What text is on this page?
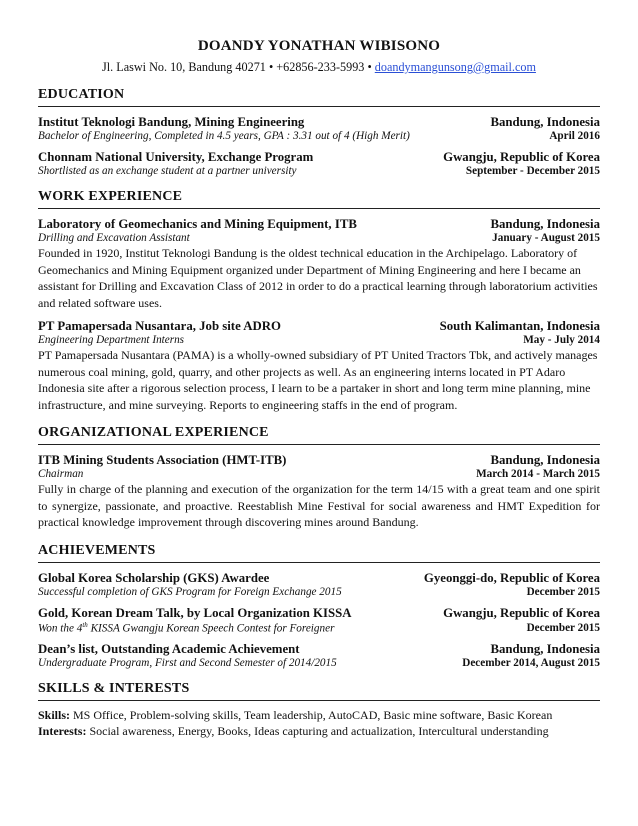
DOANDY YONATHAN WIBISONO
Jl. Laswi No. 10, Bandung 40271 • +62856-233-5993 • doandymangunsong@gmail.com
EDUCATION
Institut Teknologi Bandung, Mining Engineering	Bandung, Indonesia
Bachelor of Engineering, Completed in 4.5 years, GPA : 3.31 out of 4 (High Merit)	April 2016
Chonnam National University, Exchange Program	Gwangju, Republic of Korea
Shortlisted as an exchange student at a partner university	September - December 2015
WORK EXPERIENCE
Laboratory of Geomechanics and Mining Equipment, ITB	Bandung, Indonesia
Drilling and Excavation Assistant	January - August 2015
Founded in 1920, Institut Teknologi Bandung is the oldest technical education in the Archipelago. Laboratory of Geomechanics and Mining Equipment organized under Department of Mining Engineering and here I became an assistant for Drilling and Excavation Class of 2012 in order to do a practical learning through laboratorium activities and related software uses.
PT Pamapersada Nusantara, Job site ADRO	South Kalimantan, Indonesia
Engineering Department Interns	May - July 2014
PT Pamapersada Nusantara (PAMA) is a wholly-owned subsidiary of PT United Tractors Tbk, and actively manages numerous coal mining, gold, quarry, and other projects as well. As an engineering interns located in PT Adaro Indonesia site after a rigorous selection process, I learn to be a partaker in short and long term mine planning, mine infrastructure, and mine surveying. Reports to engineering staffs in the end of program.
ORGANIZATIONAL EXPERIENCE
ITB Mining Students Association (HMT-ITB)	Bandung, Indonesia
Chairman	March 2014 - March 2015
Fully in charge of the planning and execution of the organization for the term 14/15 with a great team and one spirit to synergize, passionate, and proactive. Reestablish Mine Festival for social awareness and HMT Expedition for practical knowledge improvement through discovering mines around Bandung.
ACHIEVEMENTS
Global Korea Scholarship (GKS) Awardee	Gyeonggi-do, Republic of Korea
Successful completion of GKS Program for Foreign Exchange 2015	December 2015
Gold, Korean Dream Talk, by Local Organization KISSA	Gwangju, Republic of Korea
Won the 4th KISSA Gwangju Korean Speech Contest for Foreigner	December 2015
Dean’s list, Outstanding Academic Achievement	Bandung, Indonesia
Undergraduate Program, First and Second Semester of 2014/2015	December 2014, August 2015
SKILLS & INTERESTS
Skills: MS Office, Problem-solving skills, Team leadership, AutoCAD, Basic mine software, Basic Korean
Interests: Social awareness, Energy, Books, Ideas capturing and actualization, Intercultural understanding
